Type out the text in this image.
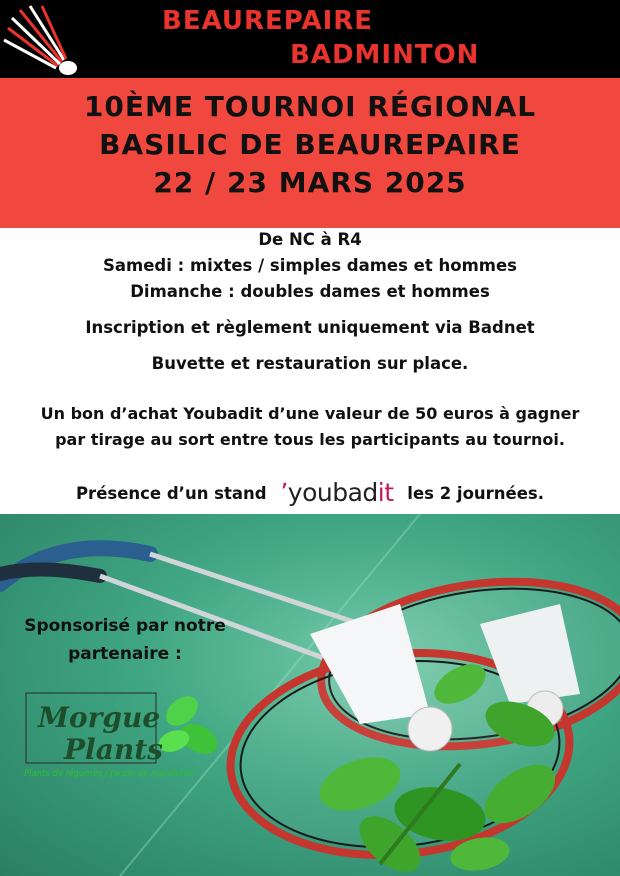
BEAUREPAIRE
BADMINTON
10ÈME TOURNOI RÉGIONAL
BASILIC DE BEAUREPAIRE
22 / 23 MARS 2025
De NC à R4
Samedi : mixtes / simples dames et hommes
Dimanche : doubles dames et hommes
Inscription et règlement uniquement via Badnet
Buvette et restauration sur place.
Un bon d’achat Youbadit d’une valeur de 50 euros à gagner
par tirage au sort entre tous les participants au tournoi.
Présence d’un stand ʼyoubadit les 2 journées.
Sponsorisé par notre
partenaire :
Morgue
Plants
Plants de légumes / Jardin de maraîcher
